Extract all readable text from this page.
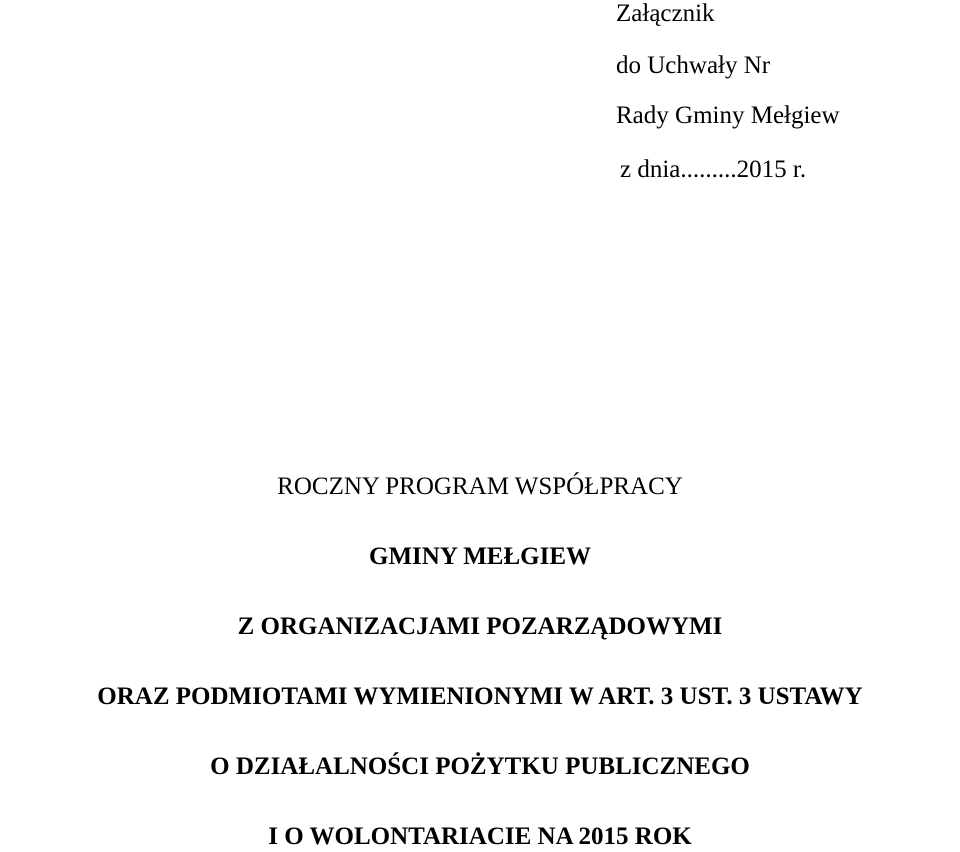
Załącznik
do Uchwały Nr
Rady Gminy Mełgiew
z dnia.........2015 r.
ROCZNY PROGRAM WSPÓŁPRACY
GMINY MEŁGIEW
Z ORGANIZACJAMI POZARZĄDOWYMI
ORAZ PODMIOTAMI WYMIENIONYMI W ART. 3 UST. 3 USTAWY
O DZIAŁALNOŚCI POŻYTKU PUBLICZNEGO
I O WOLONTARIACIE NA 2015 ROK
